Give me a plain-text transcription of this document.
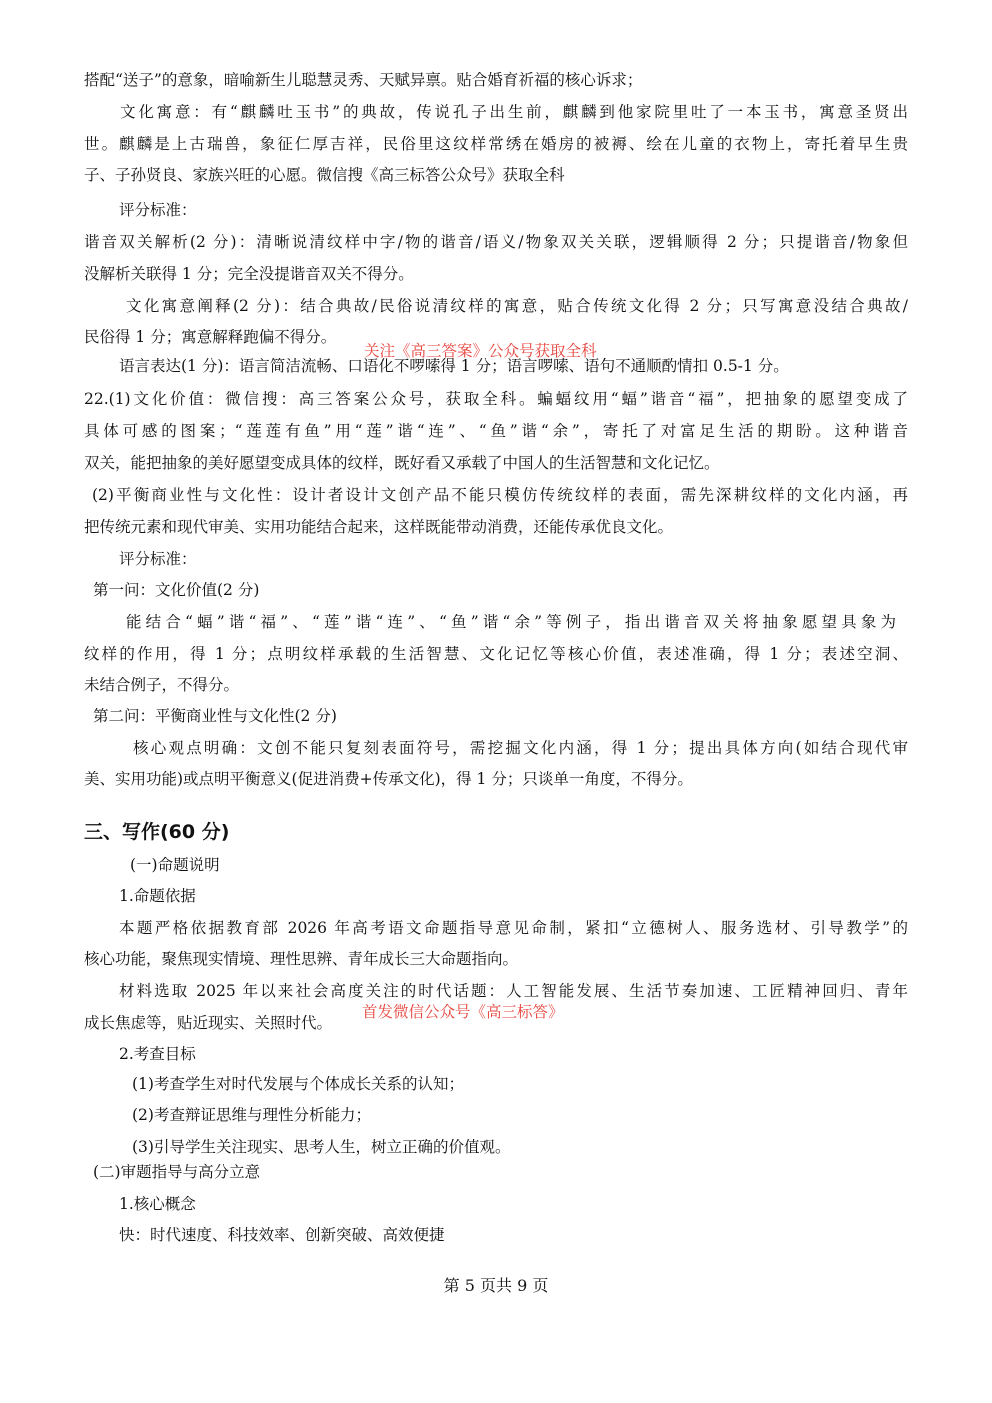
搭配“送子”的意象，暗喻新生儿聪慧灵秀、天赋异禀。贴合婚育祈福的核心诉求；
文化寓意：有“麒麟吐玉书”的典故，传说孔子出生前，麒麟到他家院里吐了一本玉书，寓意圣贤出
世。麒麟是上古瑞兽，象征仁厚吉祥，民俗里这纹样常绣在婚房的被褥、绘在儿童的衣物上，寄托着早生贵
子、子孙贤良、家族兴旺的心愿。微信搜《高三标答公众号》获取全科
评分标准：
谐音双关解析(2 分)：清晰说清纹样中字/物的谐音/语义/物象双关关联，逻辑顺得 2 分；只提谐音/物象但
没解析关联得 1 分；完全没提谐音双关不得分。
文化寓意阐释(2 分)：结合典故/民俗说清纹样的寓意，贴合传统文化得 2 分；只写寓意没结合典故/
民俗得 1 分；寓意解释跑偏不得分。
关注《高三答案》公众号获取全科
语言表达(1 分)：语言简洁流畅、口语化不啰嗦得 1 分；语言啰嗦、语句不通顺酌情扣 0.5-1 分。
22.(1)文化价值：微信搜：高三答案公众号，获取全科。蝙蝠纹用“蝠”谐音“福”，把抽象的愿望变成了
具体可感的图案；“莲莲有鱼”用“莲”谐“连”、“鱼”谐“余”，寄托了对富足生活的期盼。这种谐音
双关，能把抽象的美好愿望变成具体的纹样，既好看又承载了中国人的生活智慧和文化记忆。
(2)平衡商业性与文化性：设计者设计文创产品不能只模仿传统纹样的表面，需先深耕纹样的文化内涵，再
把传统元素和现代审美、实用功能结合起来，这样既能带动消费，还能传承优良文化。
评分标准：
第一问：文化价值(2 分)
能结合“蝠”谐“福”、“莲”谐“连”、“鱼”谐“余”等例子，指出谐音双关将抽象愿望具象为
纹样的作用，得 1 分；点明纹样承载的生活智慧、文化记忆等核心价值，表述准确，得 1 分；表述空洞、
未结合例子，不得分。
第二问：平衡商业性与文化性(2 分)
核心观点明确：文创不能只复刻表面符号，需挖掘文化内涵，得 1 分；提出具体方向(如结合现代审
美、实用功能)或点明平衡意义(促进消费+传承文化)，得 1 分；只谈单一角度，不得分。
三、写作(60 分)
(一)命题说明
1.命题依据
本题严格依据教育部 2026 年高考语文命题指导意见命制，紧扣“立德树人、服务选材、引导教学”的
核心功能，聚焦现实情境、理性思辨、青年成长三大命题指向。
材料选取 2025 年以来社会高度关注的时代话题：人工智能发展、生活节奏加速、工匠精神回归、青年
成长焦虑等，贴近现实、关照时代。
首发微信公众号《高三标答》
2.考查目标
(1)考查学生对时代发展与个体成长关系的认知；
(2)考查辩证思维与理性分析能力；
(3)引导学生关注现实、思考人生，树立正确的价值观。
(二)审题指导与高分立意
1.核心概念
快：时代速度、科技效率、创新突破、高效便捷
第 5 页共 9 页
